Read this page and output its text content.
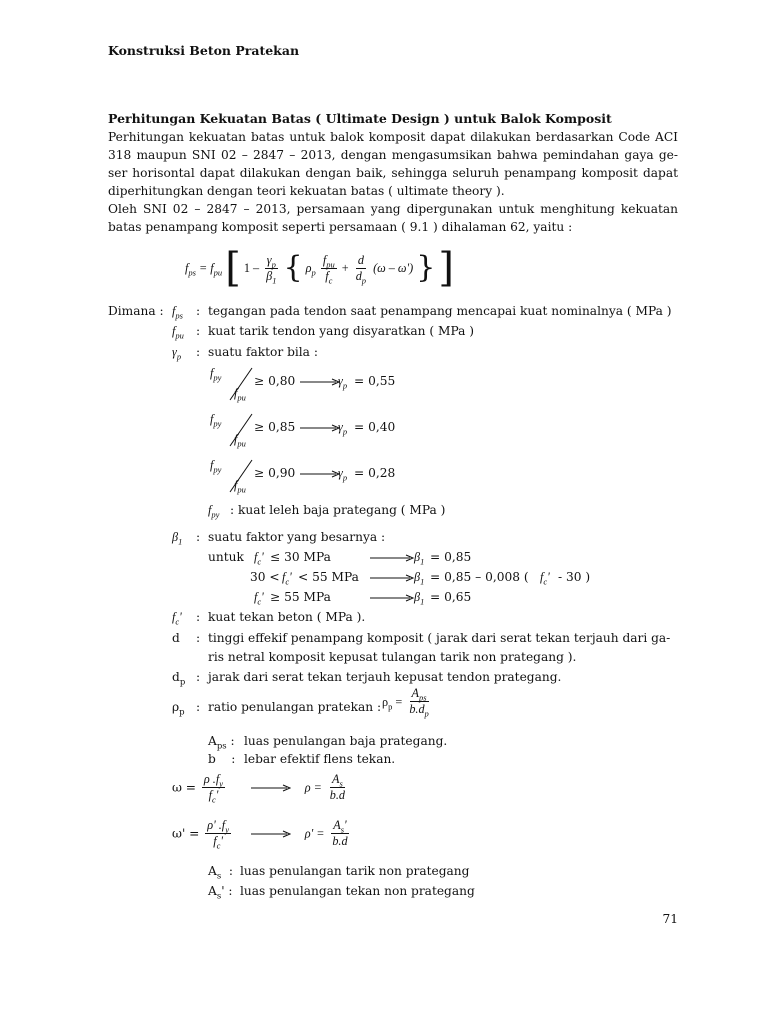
Konstruksi Beton Pratekan
Perhitungan Kekuatan Batas ( Ultimate Design ) untuk Balok Komposit
Perhitungan kekuatan batas untuk balok komposit dapat dilakukan berdasarkan Code ACI
318 maupun SNI 02 – 2847 – 2013, dengan mengasumsikan bahwa pemindahan gaya ge-
ser horisontal dapat dilakukan dengan baik, sehingga seluruh penampang komposit dapat
diperhitungkan dengan teori kekuatan batas ( ultimate theory ).
Oleh SNI 02 – 2847 – 2013, persamaan yang dipergunakan untuk menghitung kekuatan
batas penampang komposit seperti persamaan ( 9.1 ) dihalaman 62, yaitu :
$f_{ps} = f_{pu}$ [ $1 - \frac{\gamma_p}{\beta_1}$ { $\rho_p \frac{f_{pu}}{f_c} + \frac{d}{d_p} (\omega - \omega')$ } ]
Dimana : $f_{ps}$ : tegangan pada tendon saat penampang mencapai kuat nominalnya ( MPa )
$f_{pu}$ : kuat tarik tendon yang disyaratkan ( MPa )
$\gamma_p$ : suatu faktor bila :
$f_{py}$
$f_{pu}$
≥ 0,80	$\gamma_p = 0,55$
$f_{py}$
$f_{pu}$
≥ 0,85	$\gamma_p = 0,40$
$f_{py}$
$f_{pu}$
≥ 0,90	$\gamma_p = 0,28$
$f_{py}$ : kuat leleh baja prategang ( MPa )
$\beta_1$ : suatu faktor yang besarnya :
untuk $f_c' \le 30$ MPa	$\beta_1 = 0,85$
$30 < f_c' < 55$ MPa	$\beta_1 = 0,85 - 0,008$ ( $f_c' - 30$ )
$f_c' \ge 55$ MPa	$\beta_1 = 0,65$
$f_c'$ : kuat tekan beton ( MPa ).
d : tinggi effekif penampang komposit ( jarak dari serat tekan terjauh dari ga-
ris netral komposit kepusat tulangan tarik non prategang ).
$d_p$ : jarak dari serat tekan terjauh kepusat tendon prategang.
$\rho_p$ : ratio penulangan pratekan : $\rho_p = \frac{A_{ps}}{b.d_p}$
$A_{ps}$ : luas penulangan baja prategang.
b    : lebar efektif flens tekan.
$\omega = \frac{\rho .f_y}{f_c'}$	$\rho = \frac{A_s}{b.d}$
$\omega' = \frac{\rho' .f_y}{f_c'}$	$\rho' = \frac{A_s'}{b.d}$
$A_s$  : luas penulangan tarik non prategang
$A_s'$ : luas penulangan tekan non prategang
71
